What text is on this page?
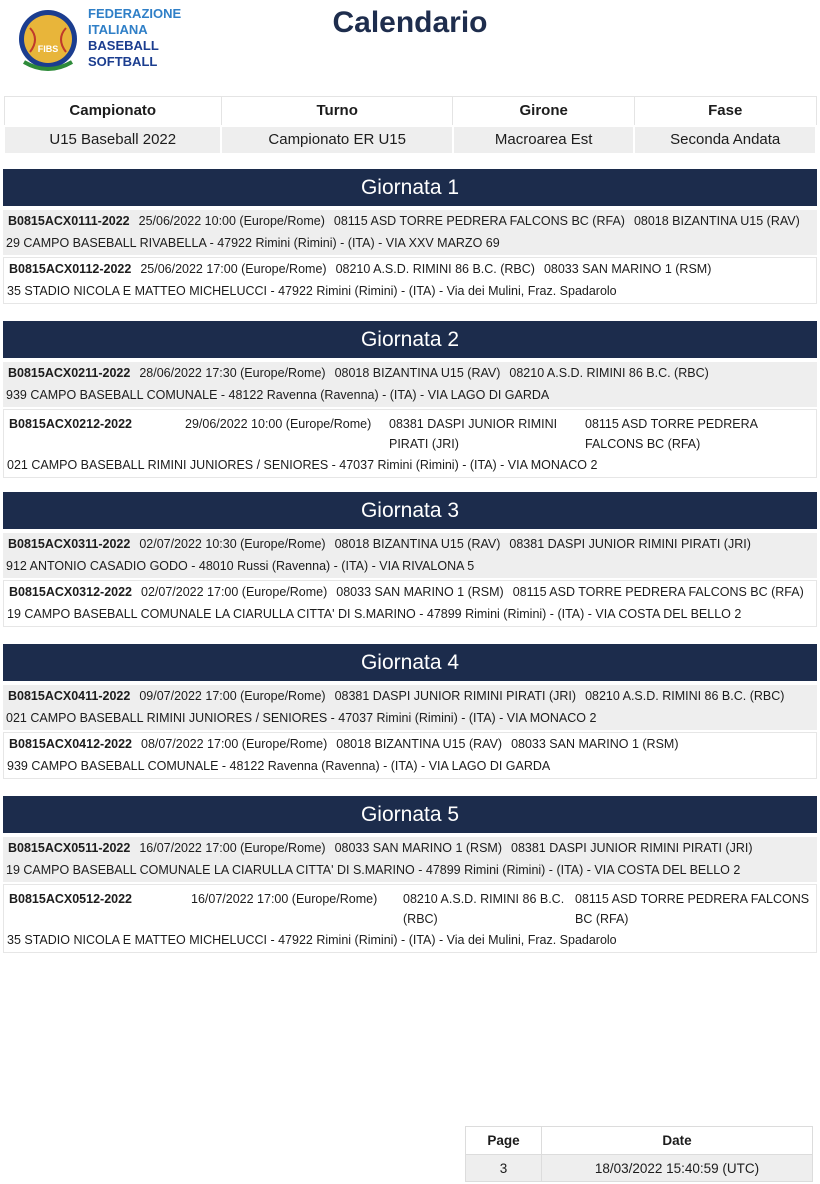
FIBS
FEDERAZIONE
ITALIANA
BASEBALL
SOFTBALL
Calendario
Campionato	Turno	Girone	Fase
U15 Baseball 2022	Campionato ER U15	Macroarea Est	Seconda Andata
Giornata 1
B0815ACX0111-2022 25/06/2022 10:00 (Europe/Rome) 08115 ASD TORRE PEDRERA FALCONS BC (RFA) 08018 BIZANTINA U15 (RAV)
29 CAMPO BASEBALL RIVABELLA - 47922 Rimini (Rimini) - (ITA) - VIA XXV MARZO 69
B0815ACX0112-2022 25/06/2022 17:00 (Europe/Rome) 08210 A.S.D. RIMINI 86 B.C. (RBC) 08033 SAN MARINO 1 (RSM)
35 STADIO NICOLA E MATTEO MICHELUCCI - 47922 Rimini (Rimini) - (ITA) - Via dei Mulini, Fraz. Spadarolo
Giornata 2
B0815ACX0211-2022 28/06/2022 17:30 (Europe/Rome) 08018 BIZANTINA U15 (RAV) 08210 A.S.D. RIMINI 86 B.C. (RBC)
939 CAMPO BASEBALL COMUNALE - 48122 Ravenna (Ravenna) - (ITA) - VIA LAGO DI GARDA
B0815ACX0212-2022	29/06/2022 10:00 (Europe/Rome)	08381 DASPI JUNIOR RIMINI PIRATI (JRI)
08115 ASD TORRE PEDRERA FALCONS BC (RFA)
021 CAMPO BASEBALL RIMINI JUNIORES / SENIORES - 47037 Rimini (Rimini) - (ITA) - VIA MONACO 2
Giornata 3
B0815ACX0311-2022 02/07/2022 10:30 (Europe/Rome) 08018 BIZANTINA U15 (RAV) 08381 DASPI JUNIOR RIMINI PIRATI (JRI)
912 ANTONIO CASADIO GODO - 48010 Russi (Ravenna) - (ITA) - VIA RIVALONA 5
B0815ACX0312-2022 02/07/2022 17:00 (Europe/Rome) 08033 SAN MARINO 1 (RSM) 08115 ASD TORRE PEDRERA FALCONS BC (RFA)
19 CAMPO BASEBALL COMUNALE LA CIARULLA CITTA' DI S.MARINO - 47899 Rimini (Rimini) - (ITA) - VIA COSTA DEL BELLO 2
Giornata 4
B0815ACX0411-2022 09/07/2022 17:00 (Europe/Rome) 08381 DASPI JUNIOR RIMINI PIRATI (JRI) 08210 A.S.D. RIMINI 86 B.C. (RBC)
021 CAMPO BASEBALL RIMINI JUNIORES / SENIORES - 47037 Rimini (Rimini) - (ITA) - VIA MONACO 2
B0815ACX0412-2022 08/07/2022 17:00 (Europe/Rome) 08018 BIZANTINA U15 (RAV) 08033 SAN MARINO 1 (RSM)
939 CAMPO BASEBALL COMUNALE - 48122 Ravenna (Ravenna) - (ITA) - VIA LAGO DI GARDA
Giornata 5
B0815ACX0511-2022 16/07/2022 17:00 (Europe/Rome) 08033 SAN MARINO 1 (RSM) 08381 DASPI JUNIOR RIMINI PIRATI (JRI)
19 CAMPO BASEBALL COMUNALE LA CIARULLA CITTA' DI S.MARINO - 47899 Rimini (Rimini) - (ITA) - VIA COSTA DEL BELLO 2
B0815ACX0512-2022	16/07/2022 17:00 (Europe/Rome)	08210 A.S.D. RIMINI 86 B.C. (RBC)
08115 ASD TORRE PEDRERA FALCONS BC (RFA)
35 STADIO NICOLA E MATTEO MICHELUCCI - 47922 Rimini (Rimini) - (ITA) - Via dei Mulini, Fraz. Spadarolo
Page	Date
3	18/03/2022 15:40:59 (UTC)
